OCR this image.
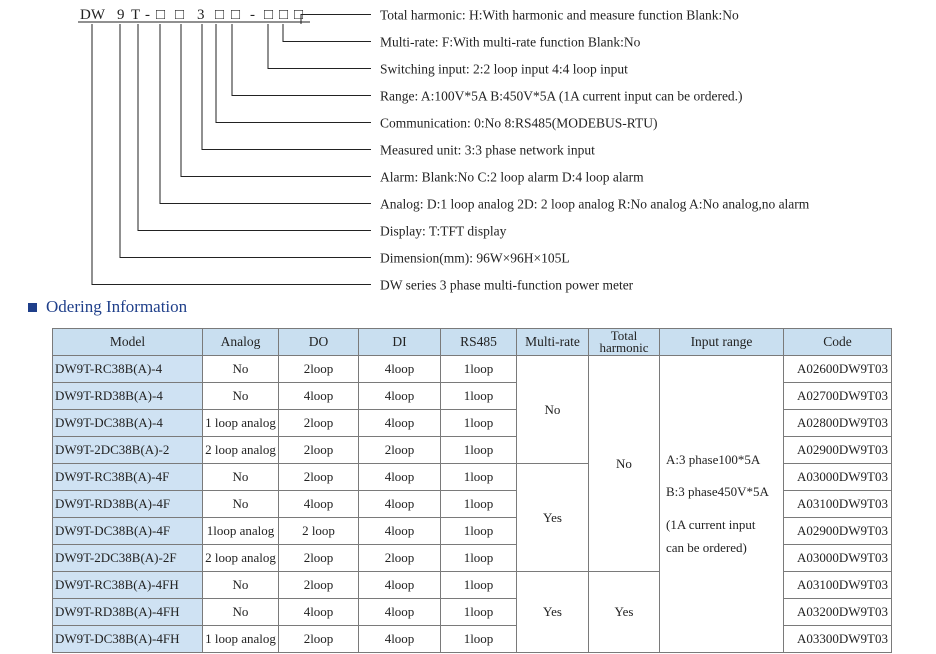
DW 9 T - □ □ 3 □ □ - □ □ □	Total harmonic: H:With harmonic and measure function Blank:No
Multi-rate: F:With multi-rate function Blank:No
Switching input: 2:2 loop input 4:4 loop input
Range: A:100V*5A B:450V*5A (1A current input can be ordered.)
Communication: 0:No 8:RS485(MODEBUS-RTU)
Measured unit: 3:3 phase network input
Alarm: Blank:No C:2 loop alarm D:4 loop alarm
Analog: D:1 loop analog 2D: 2 loop analog R:No analog A:No analog,no alarm
Display: T:TFT display
Dimension(mm): 96W×96H×105L
DW series 3 phase multi-function power meter
Odering Information
Model	Analog	DO	DI	RS485	Multi-rate	Total
harmonic	Input range	Code
DW9T-RC38B(A)-4	No	2loop	4loop	1loop	No	No	A:3 phase100*5A
B:3 phase450V*5A
(1A current input
can be ordered)	A02600DW9T03
DW9T-RD38B(A)-4	No	4loop	4loop	1loop				A02700DW9T03
DW9T-DC38B(A)-4	1 loop analog	2loop	4loop	1loop				A02800DW9T03
DW9T-2DC38B(A)-2	2 loop analog	2loop	2loop	1loop				A02900DW9T03
DW9T-RC38B(A)-4F	No	2loop	4loop	1loop	Yes			A03000DW9T03
DW9T-RD38B(A)-4F	No	4loop	4loop	1loop				A03100DW9T03
DW9T-DC38B(A)-4F	1loop analog	2 loop	4loop	1loop				A02900DW9T03
DW9T-2DC38B(A)-2F	2 loop analog	2loop	2loop	1loop				A03000DW9T03
DW9T-RC38B(A)-4FH	No	2loop	4loop	1loop	Yes	Yes		A03100DW9T03
DW9T-RD38B(A)-4FH	No	4loop	4loop	1loop				A03200DW9T03
DW9T-DC38B(A)-4FH	1 loop analog	2loop	4loop	1loop				A03300DW9T03
